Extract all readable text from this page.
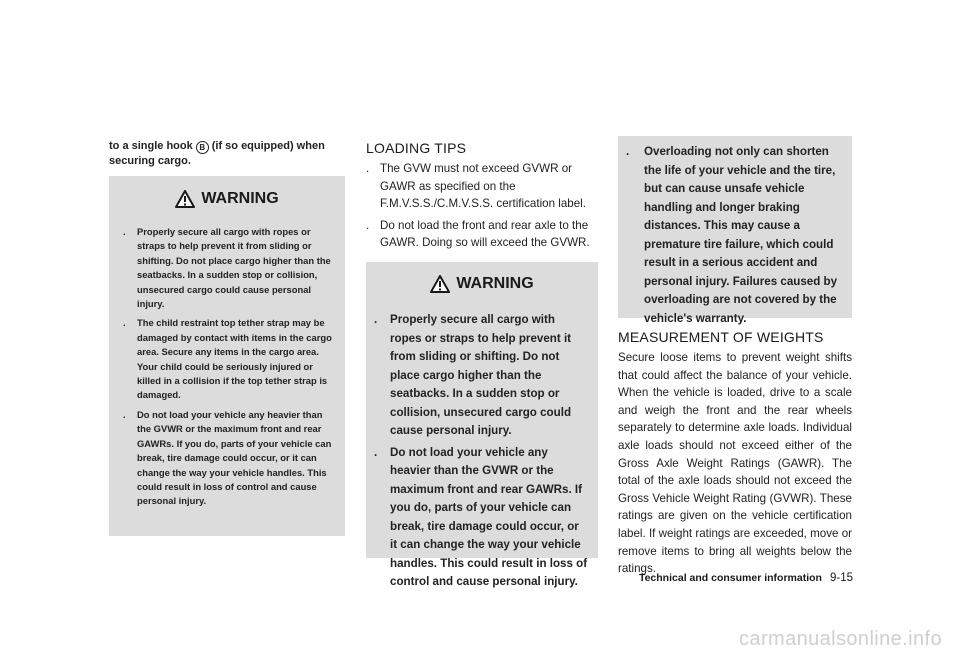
to a single hook B (if so equipped) when securing cargo.

WARNING
. Properly secure all cargo with ropes or straps to help prevent it from sliding or shifting. Do not place cargo higher than the seatbacks. In a sudden stop or collision, unsecured cargo could cause personal injury.
. The child restraint top tether strap may be damaged by contact with items in the cargo area. Secure any items in the cargo area. Your child could be seriously injured or killed in a collision if the top tether strap is damaged.
. Do not load your vehicle any heavier than the GVWR or the maximum front and rear GAWRs. If you do, parts of your vehicle can break, tire damage could occur, or it can change the way your vehicle handles. This could result in loss of control and cause personal injury.
LOADING TIPS
. The GVW must not exceed GVWR or GAWR as specified on the F.M.V.S.S./C.M.V.S.S. certification label.
. Do not load the front and rear axle to the GAWR. Doing so will exceed the GVWR.
WARNING
. Properly secure all cargo with ropes or straps to help prevent it from sliding or shifting. Do not place cargo higher than the seatbacks. In a sudden stop or collision, unsecured cargo could cause personal injury.
. Do not load your vehicle any heavier than the GVWR or the maximum front and rear GAWRs. If you do, parts of your vehicle can break, tire damage could occur, or it can change the way your vehicle handles. This could result in loss of control and cause personal injury.
. Overloading not only can shorten the life of your vehicle and the tire, but can cause unsafe vehicle handling and longer braking distances. This may cause a premature tire failure, which could result in a serious accident and personal injury. Failures caused by overloading are not covered by the vehicle's warranty.
MEASUREMENT OF WEIGHTS

Secure loose items to prevent weight shifts that could affect the balance of your vehicle. When the vehicle is loaded, drive to a scale and weigh the front and the rear wheels separately to determine axle loads. Individual axle loads should not exceed either of the Gross Axle Weight Ratings (GAWR). The total of the axle loads should not exceed the Gross Vehicle Weight Rating (GVWR). These ratings are given on the vehicle certification label. If weight ratings are exceeded, move or remove items to bring all weights below the ratings.

Technical and consumer information 9-15
carmanualsonline.info
